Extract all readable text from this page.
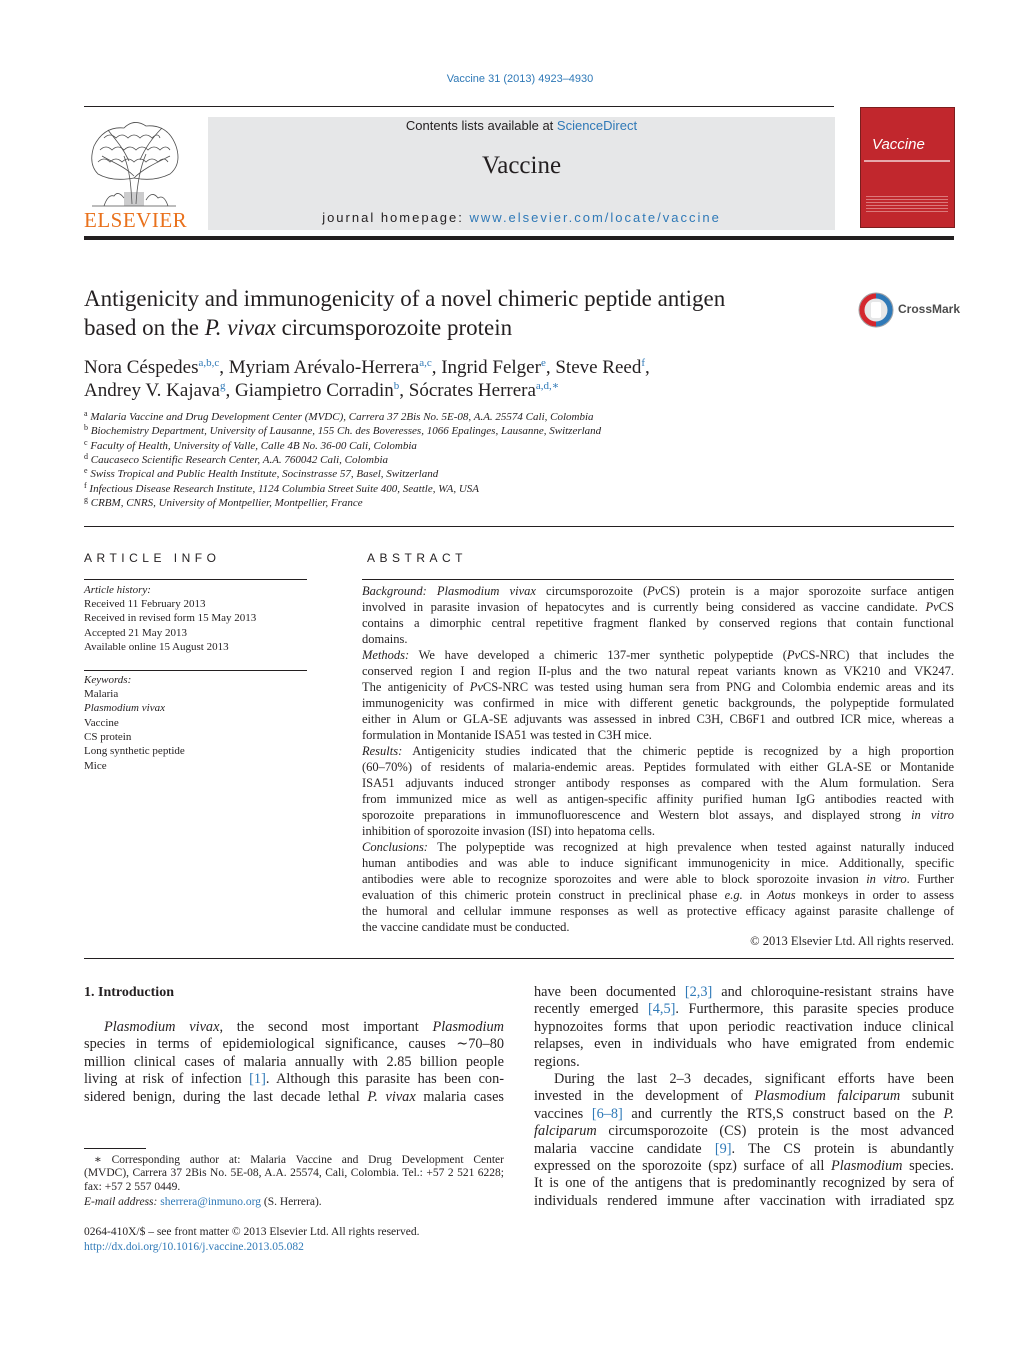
Vaccine 31 (2013) 4923–4930
ELSEVIER
Contents lists available at ScienceDirect
Vaccine
journal homepage: www.elsevier.com/locate/vaccine
Vaccine
Antigenicity and immunogenicity of a novel chimeric peptide antigen
based on the P. vivax circumsporozoite protein
CrossMark
Nora Céspedes$^{a,b,c}$, Myriam Arévalo-Herrera$^{a,c}$, Ingrid Felger$^e$, Steve Reed$^f$,
Andrey V. Kajava$^g$, Giampietro Corradin$^b$, Sócrates Herrera$^{a,d,∗}$
$^a$ Malaria Vaccine and Drug Development Center (MVDC), Carrera 37 2Bis No. 5E-08, A.A. 25574 Cali, Colombia
$^b$ Biochemistry Department, University of Lausanne, 155 Ch. des Boveresses, 1066 Epalinges, Lausanne, Switzerland
$^c$ Faculty of Health, University of Valle, Calle 4B No. 36-00 Cali, Colombia
$^d$ Caucaseco Scientific Research Center, A.A. 760042 Cali, Colombia
$^e$ Swiss Tropical and Public Health Institute, Socinstrasse 57, Basel, Switzerland
$^f$ Infectious Disease Research Institute, 1124 Columbia Street Suite 400, Seattle, WA, USA
$^g$ CRBM, CNRS, University of Montpellier, Montpellier, France
ARTICLE INFO
Article history:
Received 11 February 2013
Received in revised form 15 May 2013
Accepted 21 May 2013
Available online 15 August 2013
Keywords:
Malaria
Plasmodium vivax
Vaccine
CS protein
Long synthetic peptide
Mice
ABSTRACT
Background: Plasmodium vivax circumsporozoite (PvCS) protein is a major sporozoite surface antigen
involved in parasite invasion of hepatocytes and is currently being considered as vaccine candidate. PvCS
contains a dimorphic central repetitive fragment flanked by conserved regions that contain functional
domains.
Methods: We have developed a chimeric 137-mer synthetic polypeptide (PvCS-NRC) that includes the
conserved region I and region II-plus and the two natural repeat variants known as VK210 and VK247.
The antigenicity of PvCS-NRC was tested using human sera from PNG and Colombia endemic areas and its
immunogenicity was confirmed in mice with different genetic backgrounds, the polypeptide formulated
either in Alum or GLA-SE adjuvants was assessed in inbred C3H, CB6F1 and outbred ICR mice, whereas a
formulation in Montanide ISA51 was tested in C3H mice.
Results: Antigenicity studies indicated that the chimeric peptide is recognized by a high proportion
(60–70%) of residents of malaria-endemic areas. Peptides formulated with either GLA-SE or Montanide
ISA51 adjuvants induced stronger antibody responses as compared with the Alum formulation. Sera
from immunized mice as well as antigen-specific affinity purified human IgG antibodies reacted with
sporozoite preparations in immunofluorescence and Western blot assays, and displayed strong in vitro
inhibition of sporozoite invasion (ISI) into hepatoma cells.
Conclusions: The polypeptide was recognized at high prevalence when tested against naturally induced
human antibodies and was able to induce significant immunogenicity in mice. Additionally, specific
antibodies were able to recognize sporozoites and were able to block sporozoite invasion in vitro. Further
evaluation of this chimeric protein construct in preclinical phase e.g. in Aotus monkeys in order to assess
the humoral and cellular immune responses as well as protective efficacy against parasite challenge of
the vaccine candidate must be conducted.
© 2013 Elsevier Ltd. All rights reserved.
1. Introduction
Plasmodium vivax, the second most important Plasmodium
species in terms of epidemiological significance, causes ∼70–80
million clinical cases of malaria annually with 2.85 billion people
living at risk of infection [1]. Although this parasite has been con-
sidered benign, during the last decade lethal P. vivax malaria cases
have been documented [2,3] and chloroquine-resistant strains have
recently emerged [4,5]. Furthermore, this parasite species produce
hypnozoites forms that upon periodic reactivation induce clinical
relapses, even in individuals who have emigrated from endemic
regions.
During the last 2–3 decades, significant efforts have been
invested in the development of Plasmodium falciparum subunit
vaccines [6–8] and currently the RTS,S construct based on the P.
falciparum circumsporozoite (CS) protein is the most advanced
malaria vaccine candidate [9]. The CS protein is abundantly
expressed on the sporozoite (spz) surface of all Plasmodium species.
It is one of the antigens that is predominantly recognized by sera of
individuals rendered immune after vaccination with irradiated spz
∗ Corresponding author at: Malaria Vaccine and Drug Development Center
(MVDC), Carrera 37 2Bis No. 5E-08, A.A. 25574, Cali, Colombia. Tel.: +57 2 521 6228;
fax: +57 2 557 0449.
E-mail address: sherrera@inmuno.org (S. Herrera).
0264-410X/$ – see front matter © 2013 Elsevier Ltd. All rights reserved.
http://dx.doi.org/10.1016/j.vaccine.2013.05.082
